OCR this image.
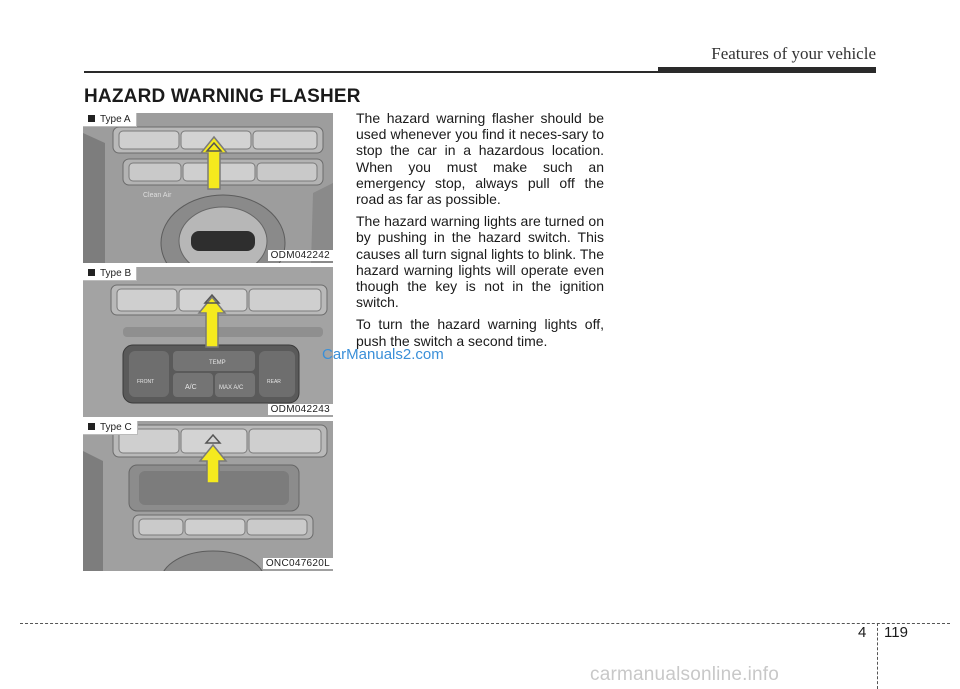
Features of your vehicle
HAZARD WARNING FLASHER
Clean Air
Type A
ODM042242
TEMP
A/C	MAX A/C
FRONT	REAR
Type B
ODM042243
Type C
ONC047620L

The hazard warning flasher should be used whenever you find it neces-sary to stop the car in a hazardous location. When you must make such an emergency stop, always pull off the road as far as possible.

The hazard warning lights are turned on by pushing in the hazard switch. This causes all turn signal lights to blink. The hazard warning lights will operate even though the key is not in the ignition switch.

To turn the hazard warning lights off, push the switch a second time.

CarManuals2.com
4 119
carmanualsonline.info
